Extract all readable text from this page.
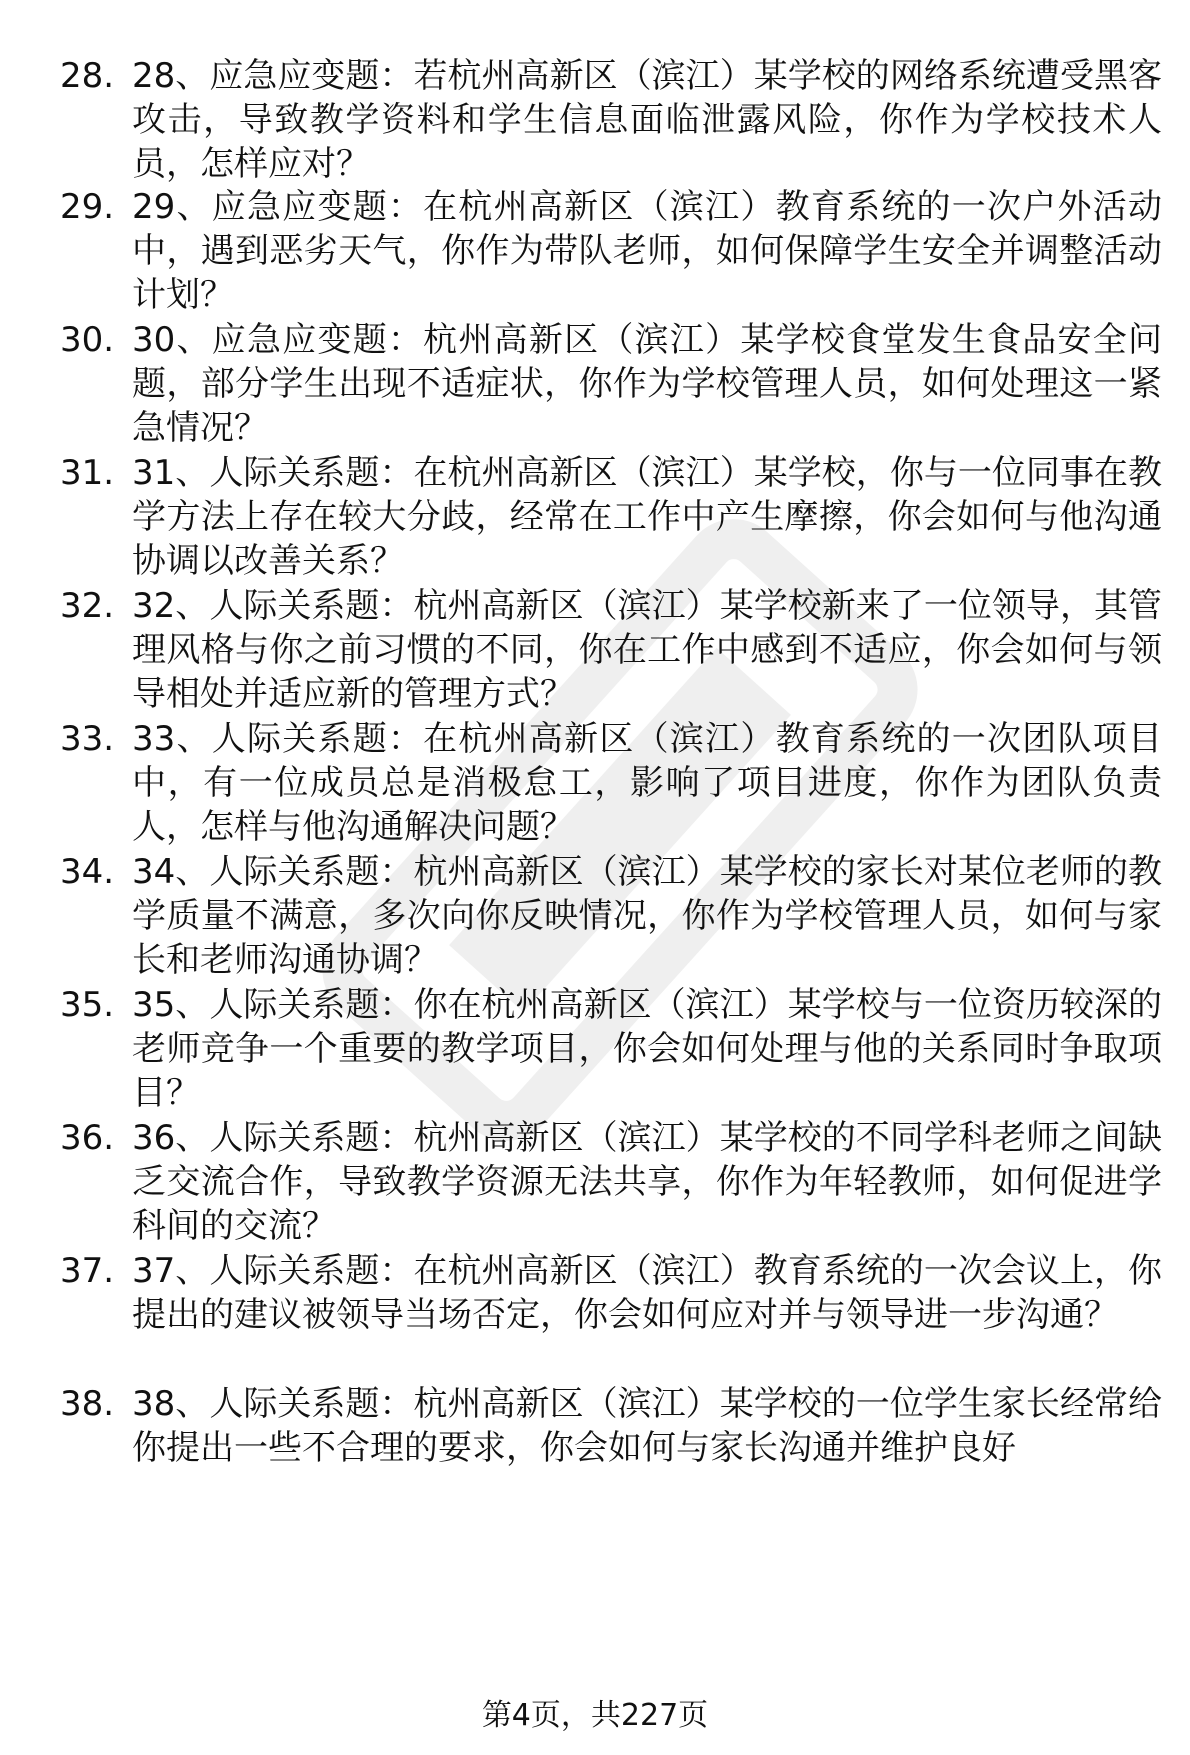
28. 28、应急应变题：若杭州高新区（滨江）某学校的网络系统遭受黑客攻击，导致教学资料和学生信息面临泄露风险，你作为学校技术人员，怎样应对？
29. 29、应急应变题：在杭州高新区（滨江）教育系统的一次户外活动中，遇到恶劣天气，你作为带队老师，如何保障学生安全并调整活动计划？
30. 30、应急应变题：杭州高新区（滨江）某学校食堂发生食品安全问题，部分学生出现不适症状，你作为学校管理人员，如何处理这一紧急情况？
31. 31、人际关系题：在杭州高新区（滨江）某学校，你与一位同事在教学方法上存在较大分歧，经常在工作中产生摩擦，你会如何与他沟通协调以改善关系？
32. 32、人际关系题：杭州高新区（滨江）某学校新来了一位领导，其管理风格与你之前习惯的不同，你在工作中感到不适应，你会如何与领导相处并适应新的管理方式？
33. 33、人际关系题：在杭州高新区（滨江）教育系统的一次团队项目中，有一位成员总是消极怠工，影响了项目进度，你作为团队负责人，怎样与他沟通解决问题？
34. 34、人际关系题：杭州高新区（滨江）某学校的家长对某位老师的教学质量不满意，多次向你反映情况，你作为学校管理人员，如何与家长和老师沟通协调？
35. 35、人际关系题：你在杭州高新区（滨江）某学校与一位资历较深的老师竞争一个重要的教学项目，你会如何处理与他的关系同时争取项目？
36. 36、人际关系题：杭州高新区（滨江）某学校的不同学科老师之间缺乏交流合作，导致教学资源无法共享，你作为年轻教师，如何促进学科间的交流？
37. 37、人际关系题：在杭州高新区（滨江）教育系统的一次会议上，你提出的建议被领导当场否定，你会如何应对并与领导进一步沟通？
38. 38、人际关系题：杭州高新区（滨江）某学校的一位学生家长经常给你提出一些不合理的要求，你会如何与家长沟通并维护良好
第4页，共227页
